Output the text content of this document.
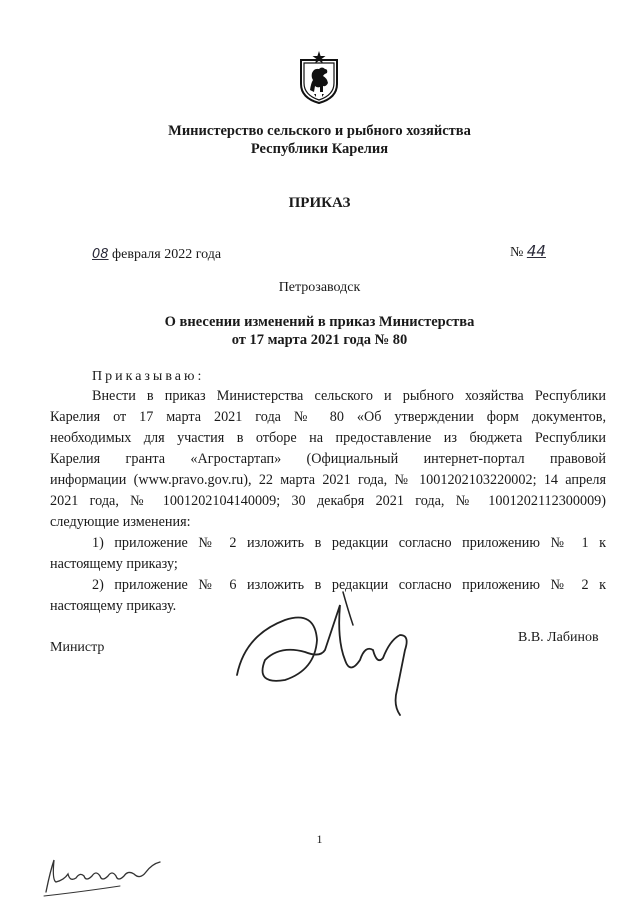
Министерство сельского и рыбного хозяйства
Республики Карелия
ПРИКАЗ
08 февраля 2022 года	№ 44
Петрозаводск
О внесении изменений в приказ Министерства
от 17 марта 2021 года № 80
Приказываю:
Внести в приказ Министерства сельского и рыбного хозяйства Республики
Карелия от 17 марта 2021 года № 80 «Об утверждении форм документов,
необходимых для участия в отборе на предоставление из бюджета Республики
Карелия гранта «Агростартап» (Официальный интернет-портал правовой
информации (www.pravo.gov.ru), 22 марта 2021 года, № 1001202103220002; 14 апреля
2021 года, № 1001202104140009; 30 декабря 2021 года, № 1001202112300009)
следующие изменения:
1) приложение № 2 изложить в редакции согласно приложению № 1 к
настоящему приказу;
2) приложение № 6 изложить в редакции согласно приложению № 2 к
настоящему приказу.
Министр
В.В. Лабинов
1
